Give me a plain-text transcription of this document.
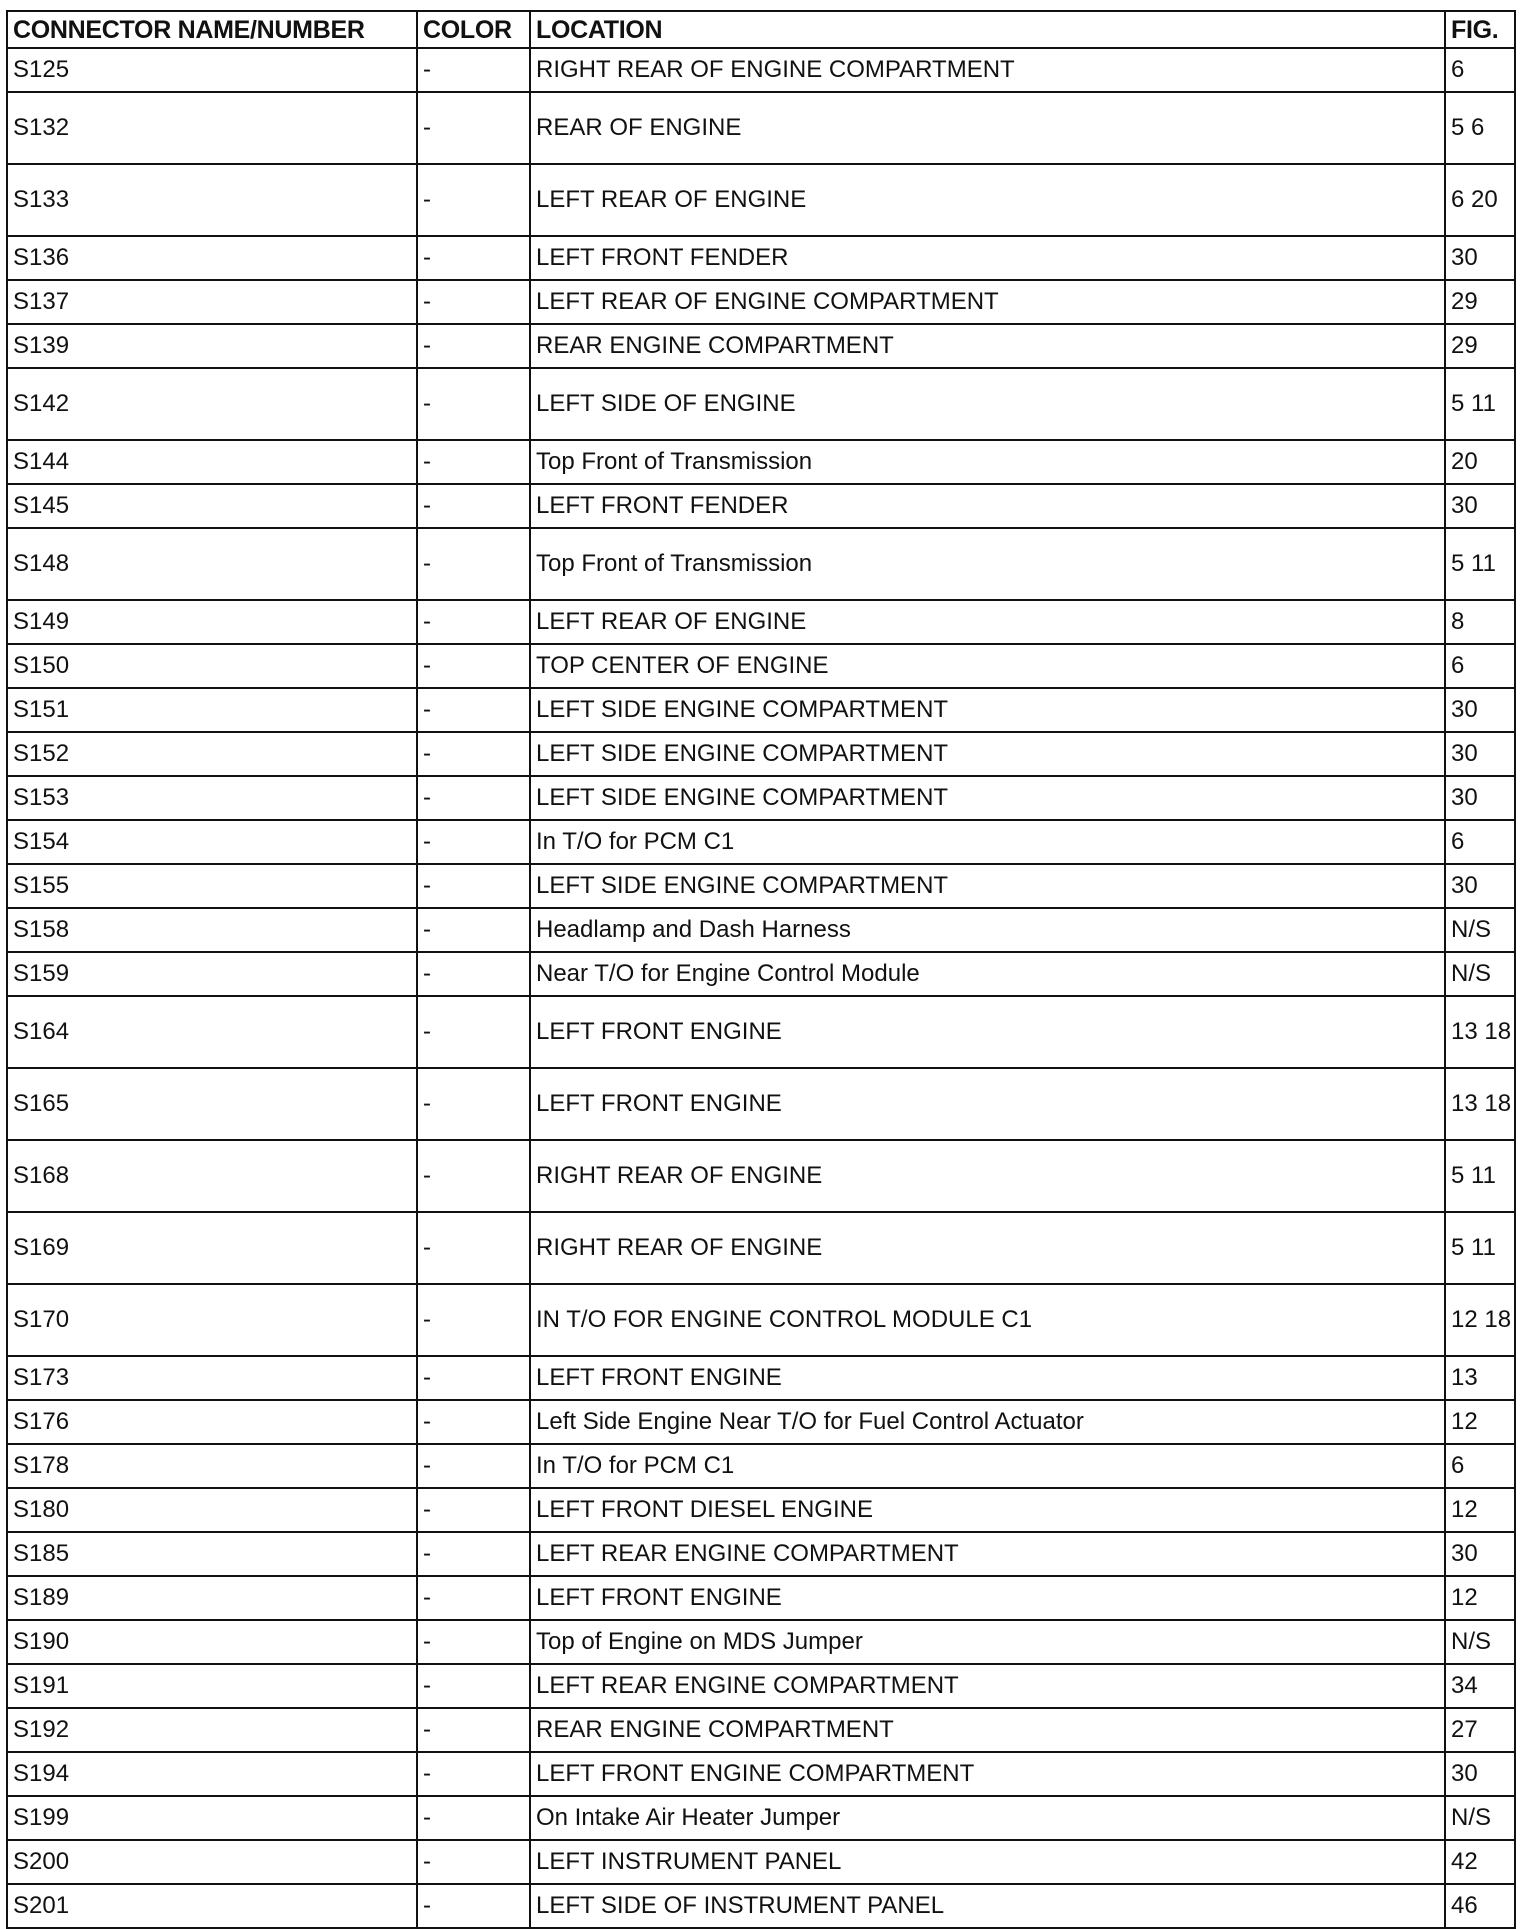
CONNECTOR NAME/NUMBER	COLOR	LOCATION	FIG.
S125	-	RIGHT REAR OF ENGINE COMPARTMENT	6
S132	-	REAR OF ENGINE	5 6
S133	-	LEFT REAR OF ENGINE	6 20
S136	-	LEFT FRONT FENDER	30
S137	-	LEFT REAR OF ENGINE COMPARTMENT	29
S139	-	REAR ENGINE COMPARTMENT	29
S142	-	LEFT SIDE OF ENGINE	5 11
S144	-	Top Front of Transmission	20
S145	-	LEFT FRONT FENDER	30
S148	-	Top Front of Transmission	5 11
S149	-	LEFT REAR OF ENGINE	8
S150	-	TOP CENTER OF ENGINE	6
S151	-	LEFT SIDE ENGINE COMPARTMENT	30
S152	-	LEFT SIDE ENGINE COMPARTMENT	30
S153	-	LEFT SIDE ENGINE COMPARTMENT	30
S154	-	In T/O for PCM C1	6
S155	-	LEFT SIDE ENGINE COMPARTMENT	30
S158	-	Headlamp and Dash Harness	N/S
S159	-	Near T/O for Engine Control Module	N/S
S164	-	LEFT FRONT ENGINE	13 18
S165	-	LEFT FRONT ENGINE	13 18
S168	-	RIGHT REAR OF ENGINE	5 11
S169	-	RIGHT REAR OF ENGINE	5 11
S170	-	IN T/O FOR ENGINE CONTROL MODULE C1	12 18
S173	-	LEFT FRONT ENGINE	13
S176	-	Left Side Engine Near T/O for Fuel Control Actuator	12
S178	-	In T/O for PCM C1	6
S180	-	LEFT FRONT DIESEL ENGINE	12
S185	-	LEFT REAR ENGINE COMPARTMENT	30
S189	-	LEFT FRONT ENGINE	12
S190	-	Top of Engine on MDS Jumper	N/S
S191	-	LEFT REAR ENGINE COMPARTMENT	34
S192	-	REAR ENGINE COMPARTMENT	27
S194	-	LEFT FRONT ENGINE COMPARTMENT	30
S199	-	On Intake Air Heater Jumper	N/S
S200	-	LEFT INSTRUMENT PANEL	42
S201	-	LEFT SIDE OF INSTRUMENT PANEL	46
